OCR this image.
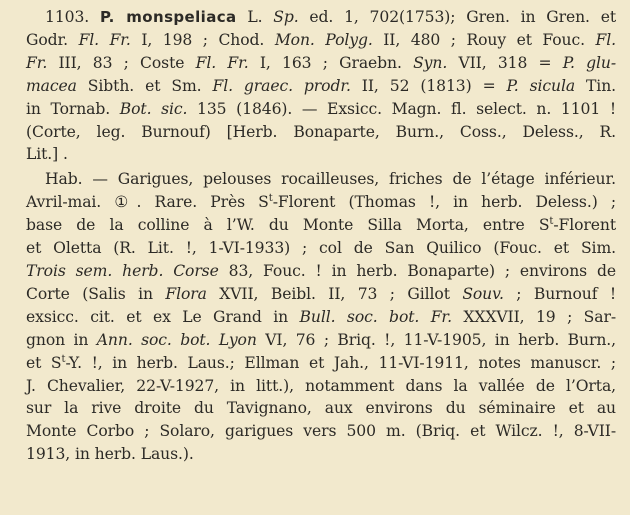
1103. P. monspeliaca L. Sp. ed. 1, 702(1753); Gren. in Gren. et
Godr. Fl. Fr. I, 198 ; Chod. Mon. Polyg. II, 480 ; Rouy et Fouc. Fl.
Fr. III, 83 ; Coste Fl. Fr. I, 163 ; Graebn. Syn. VII, 318 = P. glu-
macea Sibth. et Sm. Fl. graec. prodr. II, 52 (1813) = P. sicula Tin.
in Tornab. Bot. sic. 135 (1846). — Exsicc. Magn. fl. select. n. 1101 !
(Corte, leg. Burnouf) [Herb. Bonaparte, Burn., Coss., Deless., R.
Lit.] .
Hab. — Garigues, pelouses rocailleuses, friches de l’étage inférieur.
Avril-mai. ①. Rare. Près $S^t$-Florent (Thomas !, in herb. Deless.) ;
base de la colline à l’W. du Monte Silla Morta, entre $S^t$-Florent
et Oletta (R. Lit. !, 1-VI-1933) ; col de San Quilico (Fouc. et Sim.
Trois sem. herb. Corse 83, Fouc. ! in herb. Bonaparte) ; environs de
Corte (Salis in Flora XVII, Beibl. II, 73 ; Gillot Souv. ; Burnouf !
exsicc. cit. et ex Le Grand in Bull. soc. bot. Fr. XXXVII, 19 ; Sar-
gnon in Ann. soc. bot. Lyon VI, 76 ; Briq. !, 11-V-1905, in herb. Burn.,
et $S^t-Y$. !, in herb. Laus.; Ellman et Jah., 11-VI-1911, notes manuscr. ;
J. Chevalier, 22-V-1927, in litt.), notamment dans la vallée de l’Orta,
sur la rive droite du Tavignano, aux environs du séminaire et au
Monte Corbo ; Solaro, garigues vers 500 m. (Briq. et Wilcz. !, 8-VII-
1913, in herb. Laus.).
